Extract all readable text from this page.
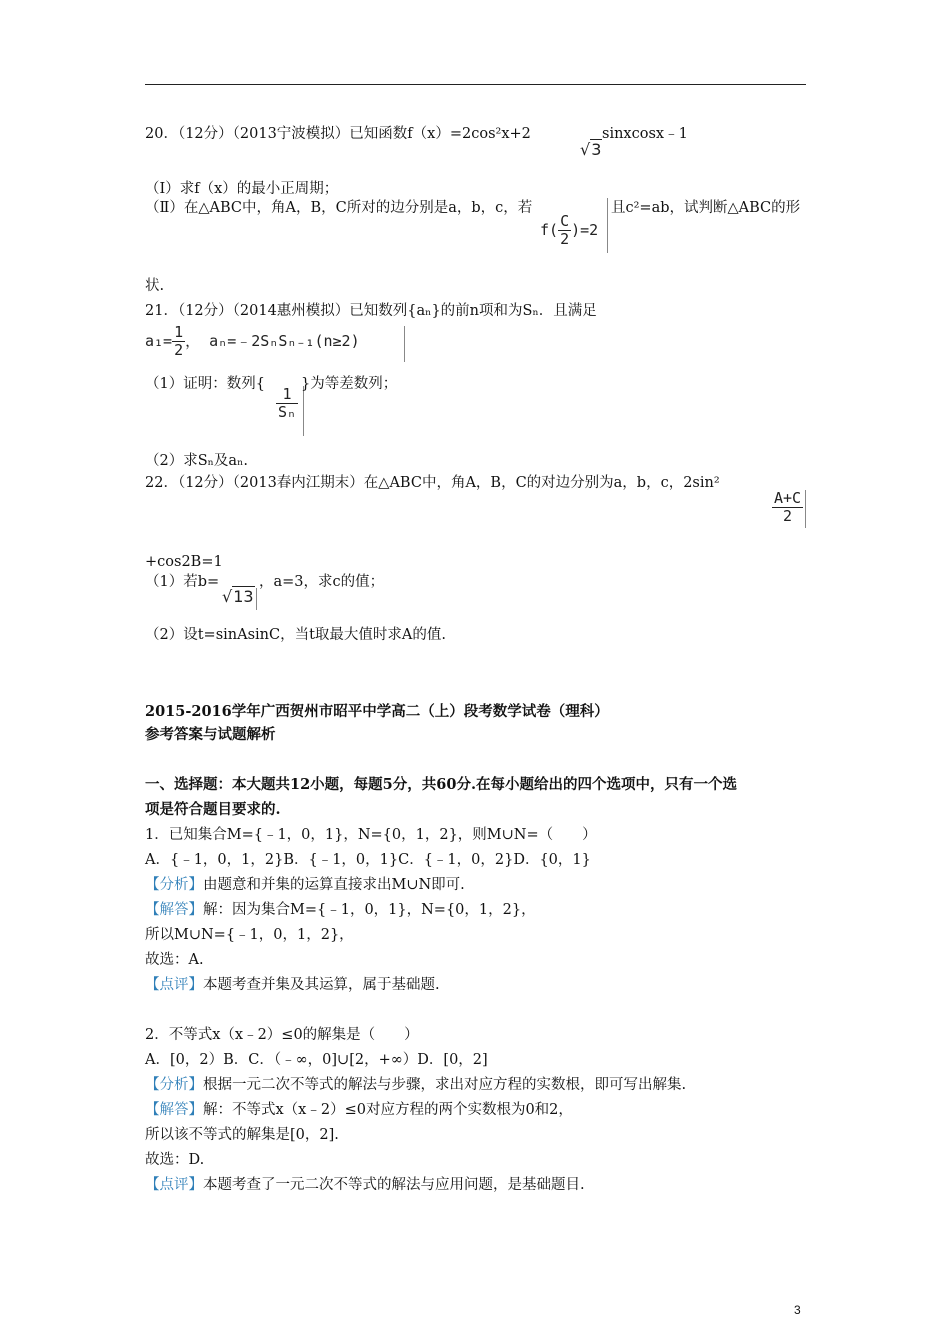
20．（12分）（2013宁波模拟）已知函数f（x）=2cos²x+2
√3
sinxcosx﹣1
（Ⅰ）求f（x）的最小正周期；
（Ⅱ）在△ABC中，角A，B，C所对的边分别是a，b，c，若
$f( \frac{C}{2} )=2$
且c²=ab，试判断△ABC的形
状.
21．（12分）（2014惠州模拟）已知数列{aₙ}的前n项和为Sₙ．且满足
$a_1= \frac{1}{2}$ ， aₙ=﹣2SₙSₙ₋₁(n≥2)
（1）证明：数列{
$\frac{1}{\text{Sₙ}}$
}为等差数列；
（2）求Sₙ及aₙ.
22．（12分）（2013春内江期末）在△ABC中，角A，B，C的对边分别为a，b，c，2sin²
$\frac{A+C}{2}$
+cos2B=1
（1）若b=
√13
，a=3，求c的值；
（2）设t=sinAsinC，当t取最大值时求A的值.
2015-2016学年广西贺州市昭平中学高二（上）段考数学试卷（理科）
参考答案与试题解析
一、选择题：本大题共12小题，每题5分，共60分.在每小题给出的四个选项中，只有一个选
项是符合题目要求的.
1．已知集合M={﹣1，0，1}，N={0，1，2}，则M∪N=（　　）
A．{﹣1，0，1，2}B．{﹣1，0，1}C．{﹣1，0，2}D．{0，1}
【分析】由题意和并集的运算直接求出M∪N即可.
【解答】解：因为集合M={﹣1，0，1}，N={0，1，2}，
所以M∪N={﹣1，0，1，2}，
故选：A.
【点评】本题考查并集及其运算，属于基础题.
2．不等式x（x﹣2）≤0的解集是（　　）
A．[0，2）B．C．（﹣∞，0]∪[2，+∞）D．[0，2]
【分析】根据一元二次不等式的解法与步骤，求出对应方程的实数根，即可写出解集.
【解答】解：不等式x（x﹣2）≤0对应方程的两个实数根为0和2，
所以该不等式的解集是[0，2].
故选：D.
【点评】本题考查了一元二次不等式的解法与应用问题，是基础题目.
3
